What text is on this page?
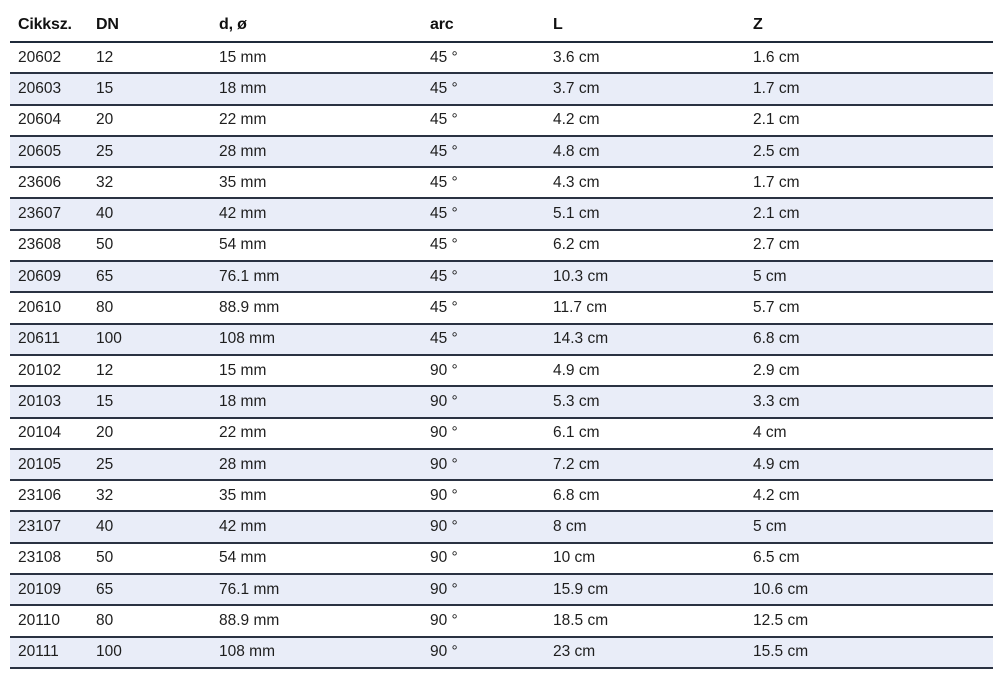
Cikksz.	DN	d, ø	arc	L	Z
20602	12	15 mm	45 °	3.6 cm	1.6 cm
20603	15	18 mm	45 °	3.7 cm	1.7 cm
20604	20	22 mm	45 °	4.2 cm	2.1 cm
20605	25	28 mm	45 °	4.8 cm	2.5 cm
23606	32	35 mm	45 °	4.3 cm	1.7 cm
23607	40	42 mm	45 °	5.1 cm	2.1 cm
23608	50	54 mm	45 °	6.2 cm	2.7 cm
20609	65	76.1 mm	45 °	10.3 cm	5 cm
20610	80	88.9 mm	45 °	11.7 cm	5.7 cm
20611	100	108 mm	45 °	14.3 cm	6.8 cm
20102	12	15 mm	90 °	4.9 cm	2.9 cm
20103	15	18 mm	90 °	5.3 cm	3.3 cm
20104	20	22 mm	90 °	6.1 cm	4 cm
20105	25	28 mm	90 °	7.2 cm	4.9 cm
23106	32	35 mm	90 °	6.8 cm	4.2 cm
23107	40	42 mm	90 °	8 cm	5 cm
23108	50	54 mm	90 °	10 cm	6.5 cm
20109	65	76.1 mm	90 °	15.9 cm	10.6 cm
20110	80	88.9 mm	90 °	18.5 cm	12.5 cm
20111	100	108 mm	90 °	23 cm	15.5 cm
